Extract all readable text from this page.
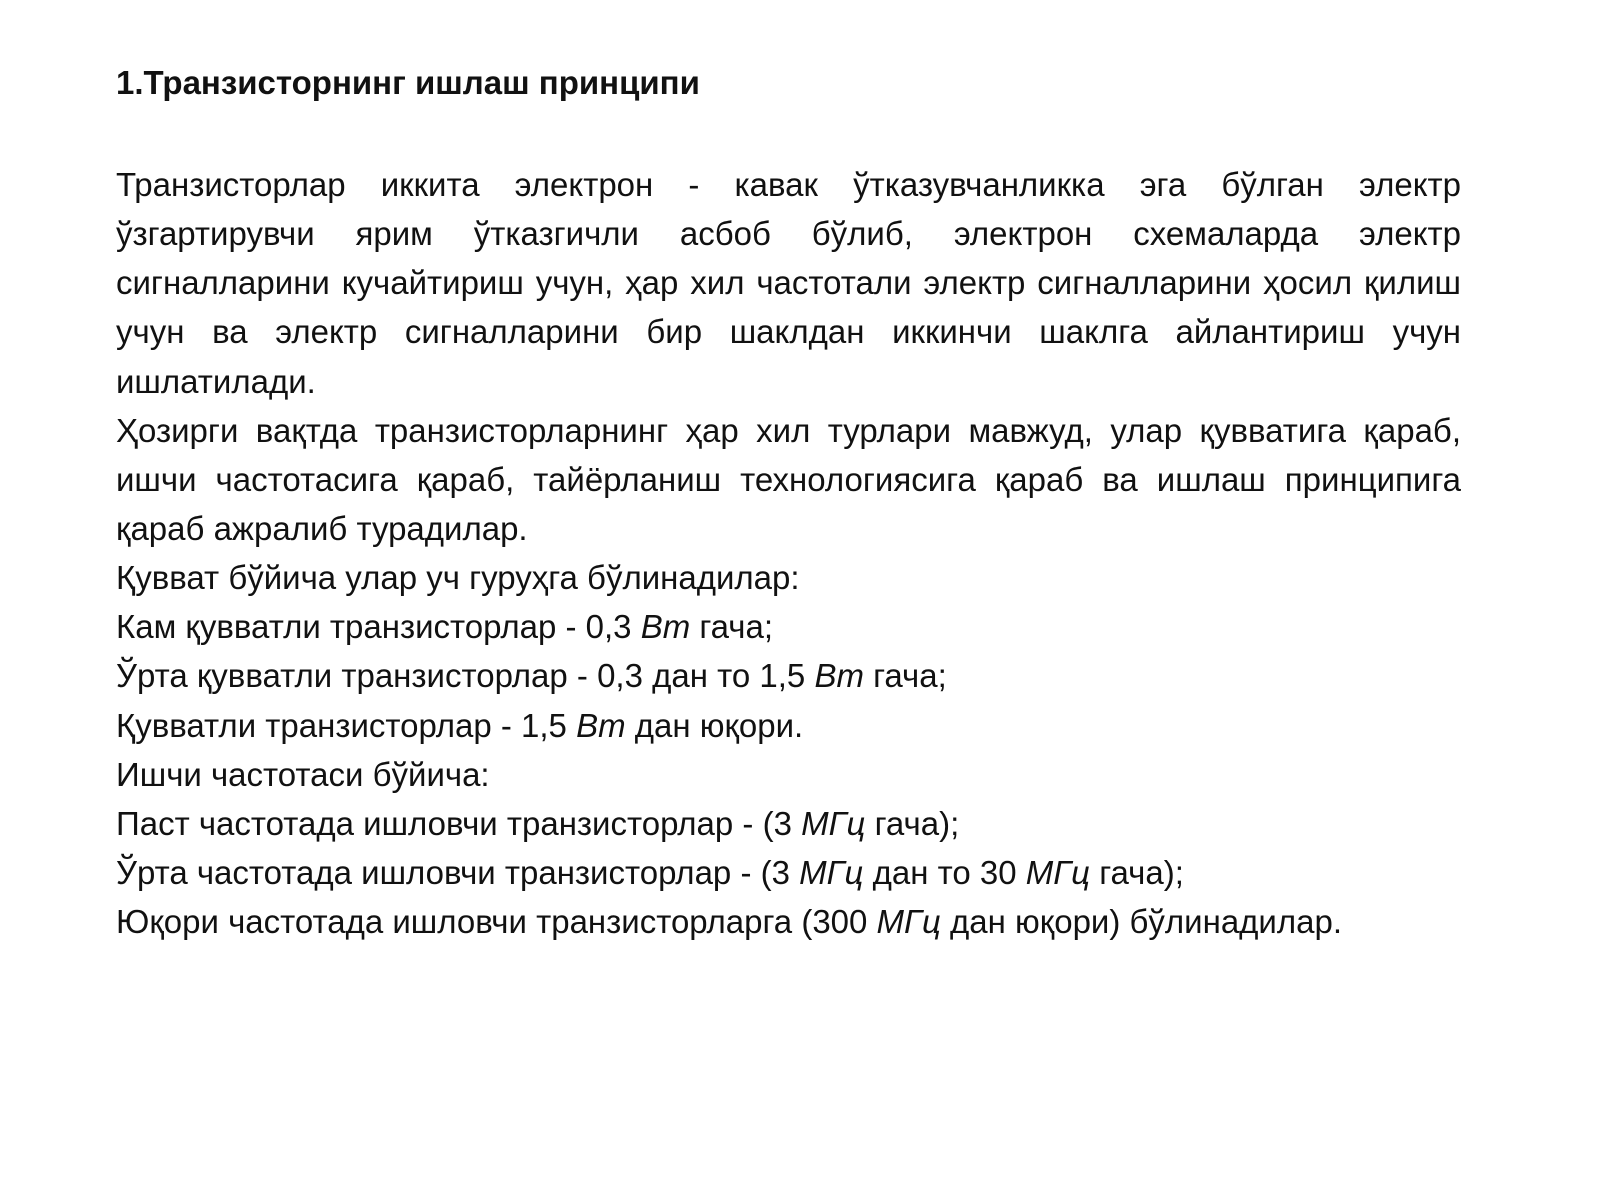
1.Транзисторнинг ишлаш принципи

Транзисторлар иккита электрон - кавак ўтказувчанликка эга бўлган электр ўзгартирувчи ярим ўтказгичли асбоб бўлиб, электрон схемаларда электр сигналларини кучайтириш учун, ҳар хил частотали электр сигналларини ҳосил қилиш учун ва электр сигналларини бир шаклдан иккинчи шаклга айлантириш учун ишлатилади.

Ҳозирги вақтда транзисторларнинг ҳар хил турлари мавжуд, улар қувватига қараб, ишчи частотасига қараб, тайёрланиш технологиясига қараб ва ишлаш принципига қараб ажралиб турадилар.

Қувват бўйича улар уч гуруҳга бўлинадилар:

Кам қувватли транзисторлар - 0,3 Вт гача;

Ўрта қувватли транзисторлар - 0,3 дан то 1,5 Вт гача;

Қувватли транзисторлар - 1,5 Вт дан юқори.

Ишчи частотаси бўйича:

Паст частотада ишловчи транзисторлар - (3 МГц гача);

Ўрта частотада ишловчи транзисторлар - (3 МГц дан то 30 МГц гача);

Юқори частотада ишловчи транзисторларга (300 МГц дан юқори) бўлинадилар.
